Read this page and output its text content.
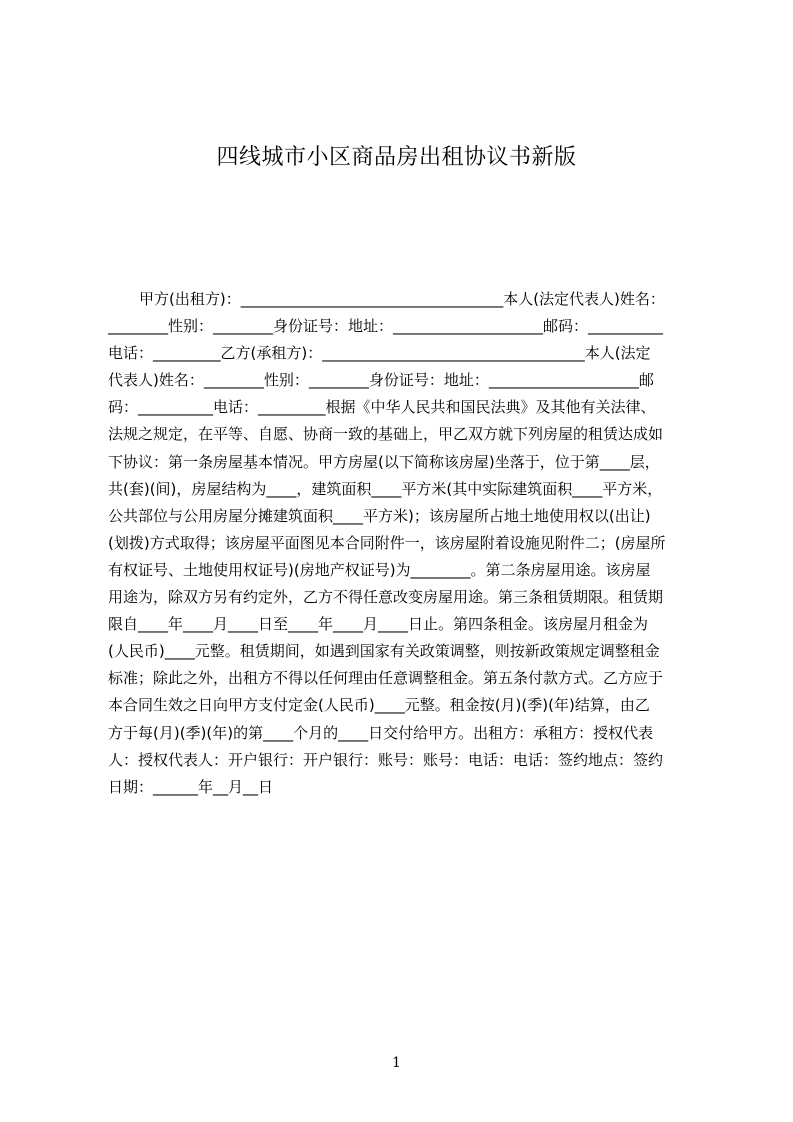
四线城市小区商品房出租协议书新版
甲方(出租方)：___________________________________本人(法定代表人)姓名：
________性别：________身份证号：地址：____________________邮码：__________
电话：_________乙方(承租方)：___________________________________本人(法定
代表人)姓名：________性别：________身份证号：地址：____________________邮
码：__________电话：_________根据《中华人民共和国民法典》及其他有关法律、
法规之规定，在平等、自愿、协商一致的基础上，甲乙双方就下列房屋的租赁达成如
下协议：第一条房屋基本情况。甲方房屋(以下简称该房屋)坐落于，位于第____层，
共(套)(间)，房屋结构为____，建筑面积____平方米(其中实际建筑面积____平方米，
公共部位与公用房屋分摊建筑面积____平方米)；该房屋所占地土地使用权以(出让)
(划拨)方式取得；该房屋平面图见本合同附件一，该房屋附着设施见附件二；(房屋所
有权证号、土地使用权证号)(房地产权证号)为________。第二条房屋用途。该房屋
用途为，除双方另有约定外，乙方不得任意改变房屋用途。第三条租赁期限。租赁期
限自____年____月____日至____年____月____日止。第四条租金。该房屋月租金为
(人民币)____元整。租赁期间，如遇到国家有关政策调整，则按新政策规定调整租金
标准；除此之外，出租方不得以任何理由任意调整租金。第五条付款方式。乙方应于
本合同生效之日向甲方支付定金(人民币)____元整。租金按(月)(季)(年)结算，由乙
方于每(月)(季)(年)的第____个月的____日交付给甲方。出租方：承租方：授权代表
人：授权代表人：开户银行：开户银行：账号：账号：电话：电话：签约地点：签约
日期：______年__月__日
1
